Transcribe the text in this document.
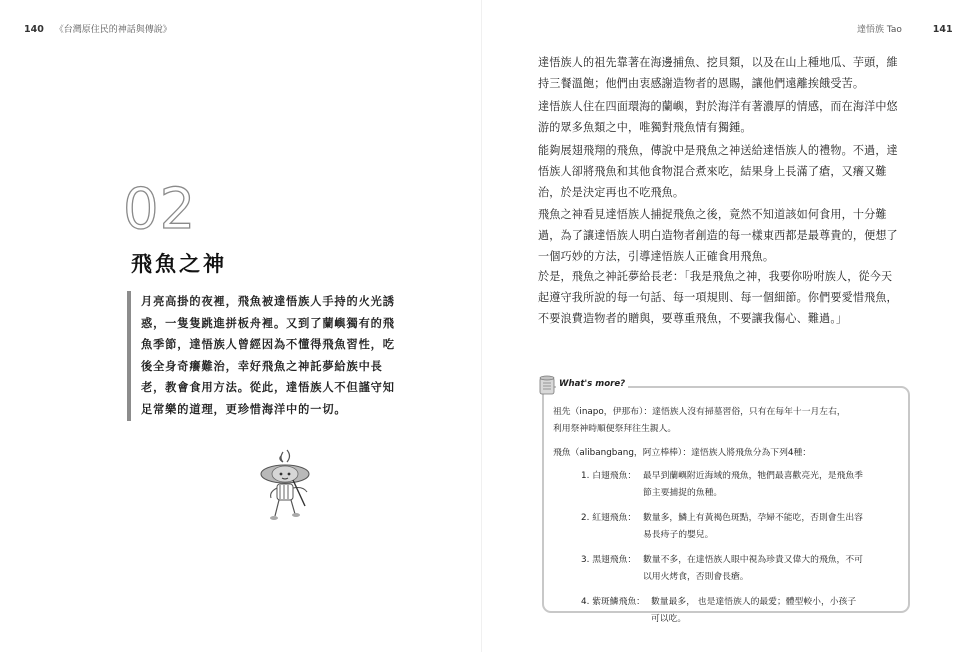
140 《台灣原住民的神話與傳說》
02
飛魚之神

月亮高掛的夜裡，飛魚被達悟族人手持的火光誘

惑，一隻隻跳進拼板舟裡。又到了蘭嶼獨有的飛

魚季節，達悟族人曾經因為不懂得飛魚習性，吃

後全身奇癢難治，幸好飛魚之神託夢給族中長

老，教會食用方法。從此，達悟族人不但謹守知

足常樂的道理，更珍惜海洋中的一切。

達悟族 Tao	141

達悟族人的祖先靠著在海邊捕魚、挖貝類，以及在山上種地瓜、芋頭，維

持三餐溫飽；他們由衷感謝造物者的恩賜，讓他們遠離挨餓受苦。

達悟族人住在四面環海的蘭嶼，對於海洋有著濃厚的情感，而在海洋中悠

游的眾多魚類之中，唯獨對飛魚情有獨鍾。

能夠展翅飛翔的飛魚，傳說中是飛魚之神送給達悟族人的禮物。不過，達

悟族人卻將飛魚和其他食物混合煮來吃，結果身上長滿了瘡，又癢又難

治，於是決定再也不吃飛魚。

飛魚之神看見達悟族人捕捉飛魚之後，竟然不知道該如何食用，十分難

過，為了讓達悟族人明白造物者創造的每一樣東西都是最尊貴的，便想了

一個巧妙的方法，引導達悟族人正確食用飛魚。

於是，飛魚之神託夢給長老：「我是飛魚之神，我要你吩咐族人，從今天

起遵守我所說的每一句話、每一項規則、每一個細節。你們要愛惜飛魚，

不要浪費造物者的贈與，要尊重飛魚，不要讓我傷心、難過。」

What's more?

祖先（inapo，伊那布）：達悟族人沒有掃墓習俗，只有在每年十一月左右，

利用祭神時順便祭拜往生親人。

飛魚（alibangbang，阿立棒棒）：達悟族人將飛魚分為下列4種：

1. 白翅飛魚： 最早到蘭嶼附近海域的飛魚，牠們最喜歡亮光，是飛魚季
節主要捕捉的魚種。
2. 紅翅飛魚： 數量多，鱗上有黃褐色斑點，孕婦不能吃，否則會生出容
易長痔子的嬰兒。
3. 黑翅飛魚： 數量不多，在達悟族人眼中視為珍貴又偉大的飛魚，不可
以用火烤食，否則會長瘡。
4. 紫斑鱗飛魚： 數量最多， 也是達悟族人的最愛；體型較小，小孩子
可以吃。
